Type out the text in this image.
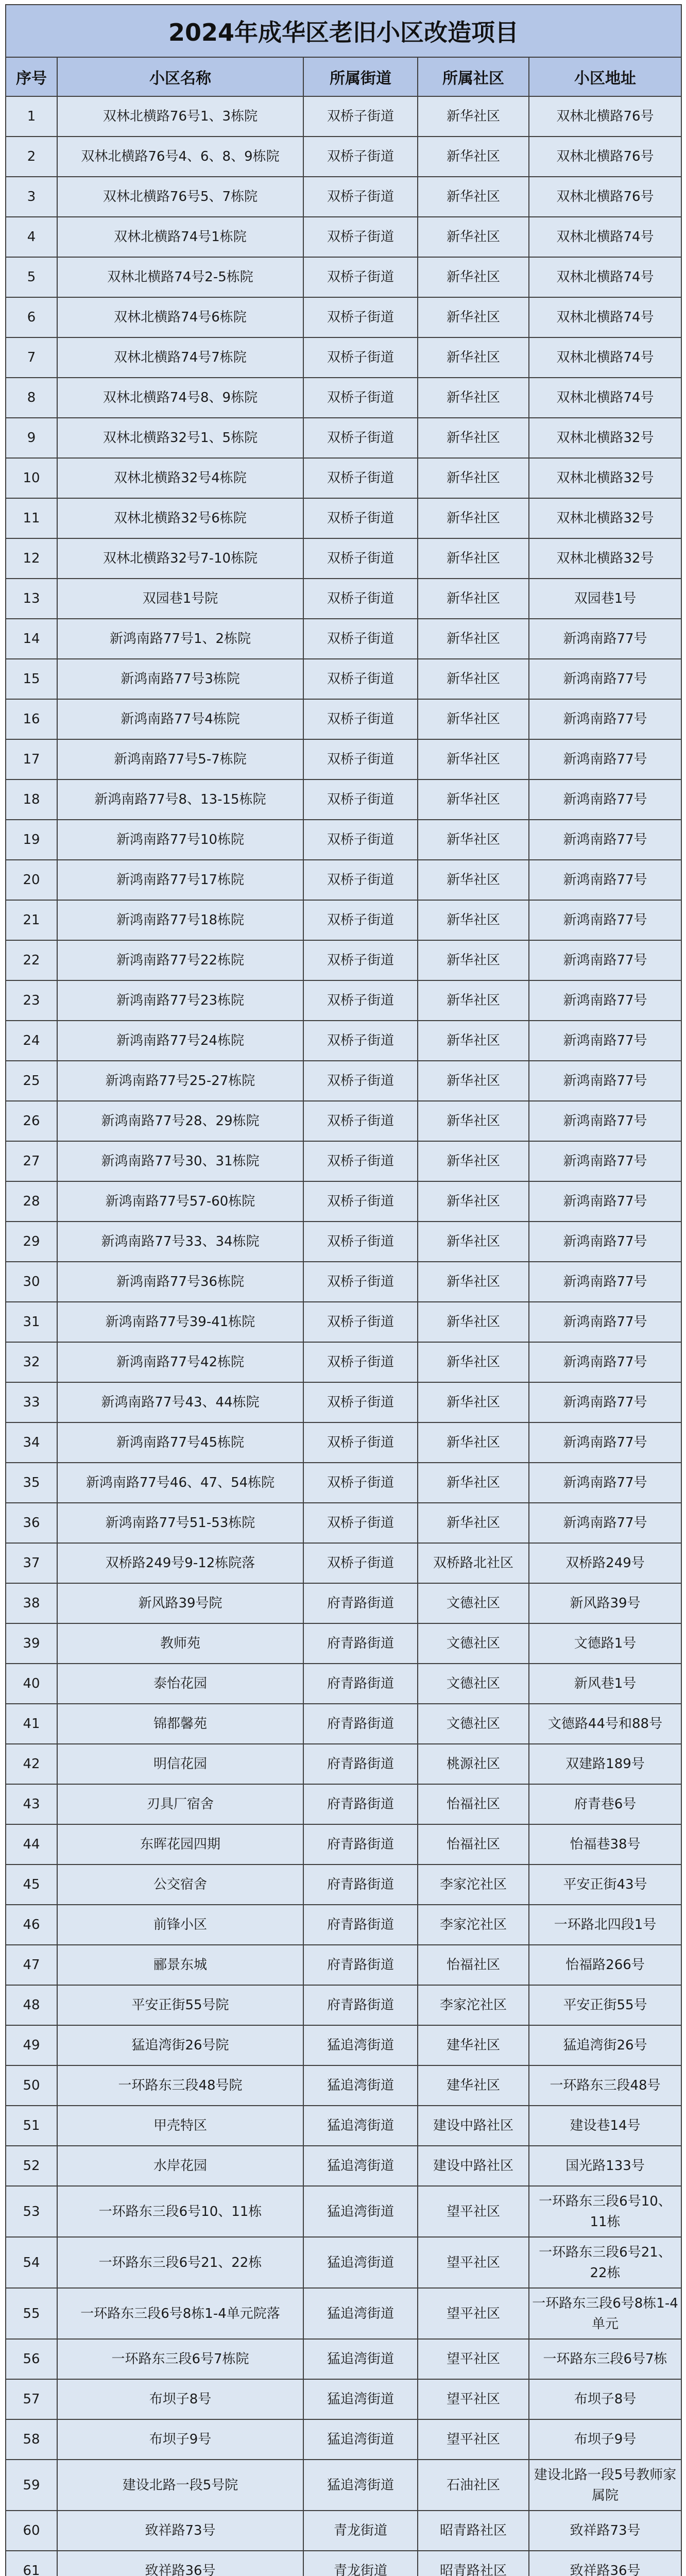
2024年成华区老旧小区改造项目				
序号	小区名称	所属街道	所属社区	小区地址
1	双林北横路76号1、3栋院	双桥子街道	新华社区	双林北横路76号
2	双林北横路76号4、6、8、9栋院	双桥子街道	新华社区	双林北横路76号
3	双林北横路76号5、7栋院	双桥子街道	新华社区	双林北横路76号
4	双林北横路74号1栋院	双桥子街道	新华社区	双林北横路74号
5	双林北横路74号2-5栋院	双桥子街道	新华社区	双林北横路74号
6	双林北横路74号6栋院	双桥子街道	新华社区	双林北横路74号
7	双林北横路74号7栋院	双桥子街道	新华社区	双林北横路74号
8	双林北横路74号8、9栋院	双桥子街道	新华社区	双林北横路74号
9	双林北横路32号1、5栋院	双桥子街道	新华社区	双林北横路32号
10	双林北横路32号4栋院	双桥子街道	新华社区	双林北横路32号
11	双林北横路32号6栋院	双桥子街道	新华社区	双林北横路32号
12	双林北横路32号7-10栋院	双桥子街道	新华社区	双林北横路32号
13	双园巷1号院	双桥子街道	新华社区	双园巷1号
14	新鸿南路77号1、2栋院	双桥子街道	新华社区	新鸿南路77号
15	新鸿南路77号3栋院	双桥子街道	新华社区	新鸿南路77号
16	新鸿南路77号4栋院	双桥子街道	新华社区	新鸿南路77号
17	新鸿南路77号5-7栋院	双桥子街道	新华社区	新鸿南路77号
18	新鸿南路77号8、13-15栋院	双桥子街道	新华社区	新鸿南路77号
19	新鸿南路77号10栋院	双桥子街道	新华社区	新鸿南路77号
20	新鸿南路77号17栋院	双桥子街道	新华社区	新鸿南路77号
21	新鸿南路77号18栋院	双桥子街道	新华社区	新鸿南路77号
22	新鸿南路77号22栋院	双桥子街道	新华社区	新鸿南路77号
23	新鸿南路77号23栋院	双桥子街道	新华社区	新鸿南路77号
24	新鸿南路77号24栋院	双桥子街道	新华社区	新鸿南路77号
25	新鸿南路77号25-27栋院	双桥子街道	新华社区	新鸿南路77号
26	新鸿南路77号28、29栋院	双桥子街道	新华社区	新鸿南路77号
27	新鸿南路77号30、31栋院	双桥子街道	新华社区	新鸿南路77号
28	新鸿南路77号57-60栋院	双桥子街道	新华社区	新鸿南路77号
29	新鸿南路77号33、34栋院	双桥子街道	新华社区	新鸿南路77号
30	新鸿南路77号36栋院	双桥子街道	新华社区	新鸿南路77号
31	新鸿南路77号39-41栋院	双桥子街道	新华社区	新鸿南路77号
32	新鸿南路77号42栋院	双桥子街道	新华社区	新鸿南路77号
33	新鸿南路77号43、44栋院	双桥子街道	新华社区	新鸿南路77号
34	新鸿南路77号45栋院	双桥子街道	新华社区	新鸿南路77号
35	新鸿南路77号46、47、54栋院	双桥子街道	新华社区	新鸿南路77号
36	新鸿南路77号51-53栋院	双桥子街道	新华社区	新鸿南路77号
37	双桥路249号9-12栋院落	双桥子街道	双桥路北社区	双桥路249号
38	新风路39号院	府青路街道	文德社区	新风路39号
39	教师苑	府青路街道	文德社区	文德路1号
40	泰怡花园	府青路街道	文德社区	新风巷1号
41	锦都馨苑	府青路街道	文德社区	文德路44号和88号
42	明信花园	府青路街道	桃源社区	双建路189号
43	刃具厂宿舍	府青路街道	怡福社区	府青巷6号
44	东晖花园四期	府青路街道	怡福社区	怡福巷38号
45	公交宿舍	府青路街道	李家沱社区	平安正街43号
46	前锋小区	府青路街道	李家沱社区	一环路北四段1号
47	郦景东城	府青路街道	怡福社区	怡福路266号
48	平安正街55号院	府青路街道	李家沱社区	平安正街55号
49	猛追湾街26号院	猛追湾街道	建华社区	猛追湾街26号
50	一环路东三段48号院	猛追湾街道	建华社区	一环路东三段48号
51	甲壳特区	猛追湾街道	建设中路社区	建设巷14号
52	水岸花园	猛追湾街道	建设中路社区	国光路133号
53	一环路东三段6号10、11栋	猛追湾街道	望平社区	一环路东三段6号10、11栋
54	一环路东三段6号21、22栋	猛追湾街道	望平社区	一环路东三段6号21、22栋
55	一环路东三段6号8栋1-4单元院落	猛追湾街道	望平社区	一环路东三段6号8栋1-4单元
56	一环路东三段6号7栋院	猛追湾街道	望平社区	一环路东三段6号7栋
57	布坝子8号	猛追湾街道	望平社区	布坝子8号
58	布坝子9号	猛追湾街道	望平社区	布坝子9号
59	建设北路一段5号院	猛追湾街道	石油社区	建设北路一段5号教师家属院
60	致祥路73号	青龙街道	昭青路社区	致祥路73号
61	致祥路36号	青龙街道	昭青路社区	致祥路36号
